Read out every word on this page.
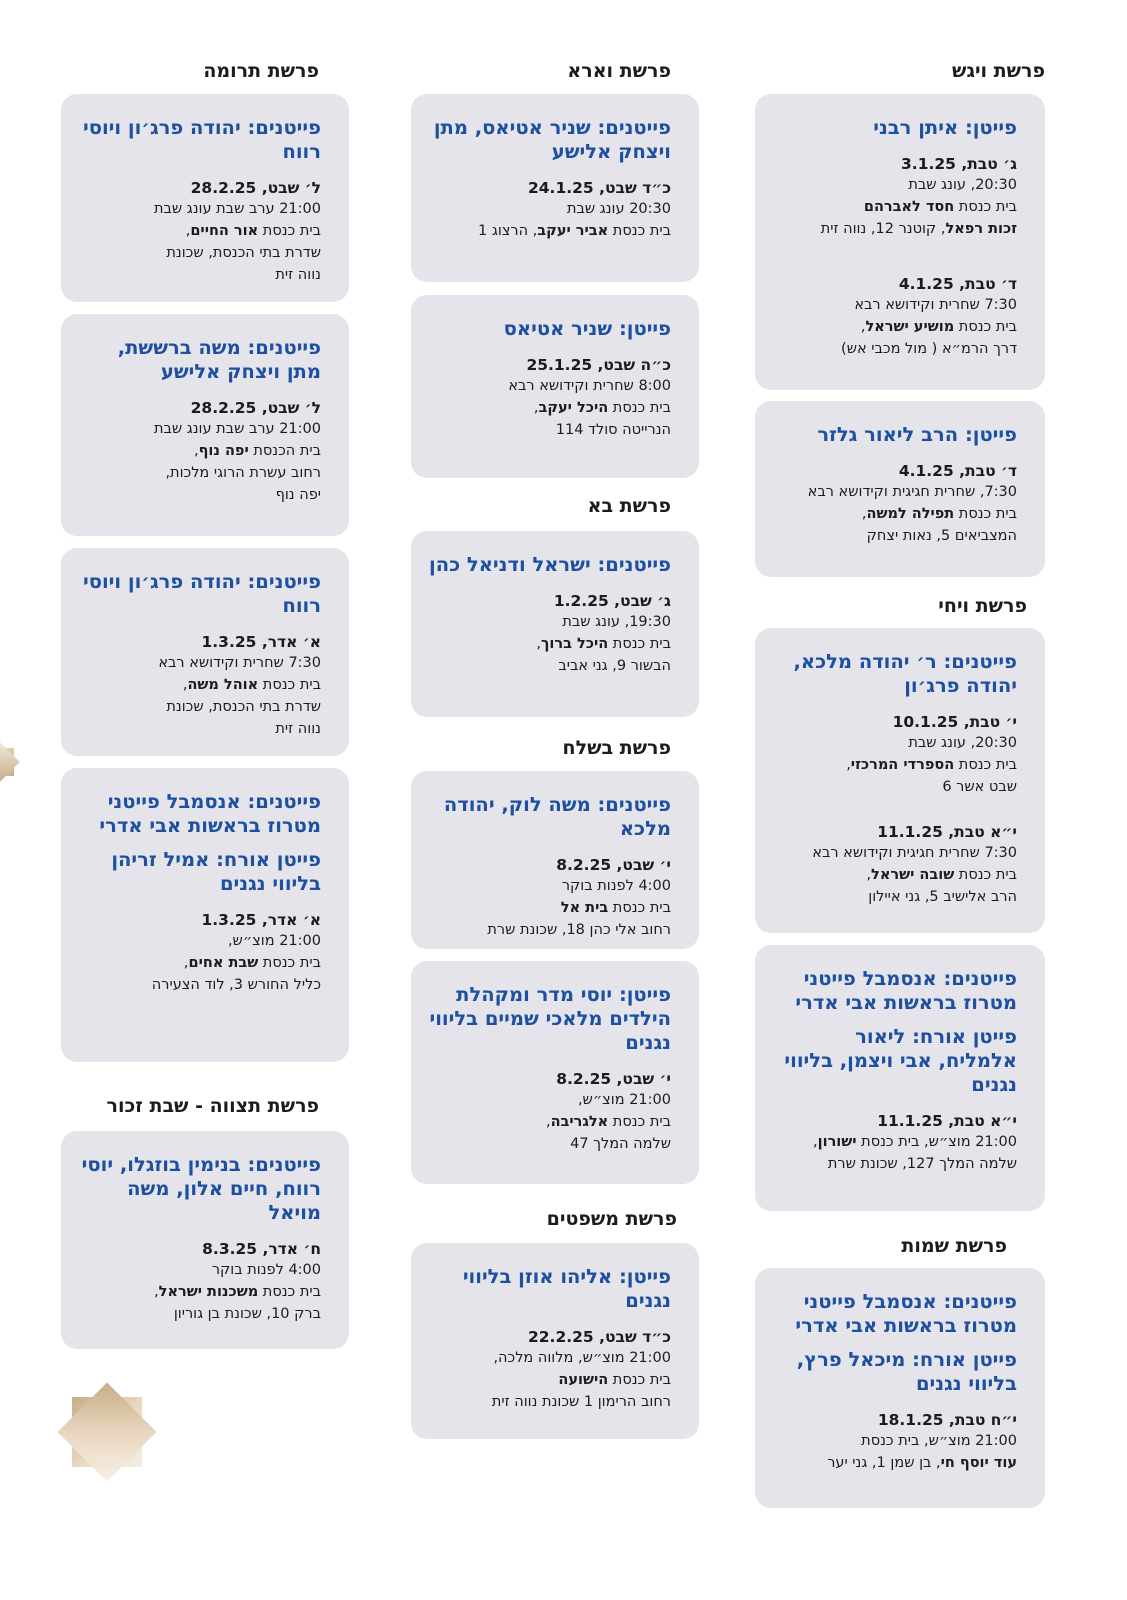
פרשת ויגש
פייטן: איתן רבני
ג׳ טבת, 3.1.25
20:30, עונג שבת
בית כנסת חסד לאברהם
זכות רפאל, קוטנר 12, נווה זית
ד׳ טבת, 4.1.25
7:30 שחרית וקידושא רבא
בית כנסת מושיע ישראל,
דרך הרמ״א ( מול מכבי אש)
פייטן: הרב ליאור גלזר
ד׳ טבת, 4.1.25
7:30, שחרית חגיגית וקידושא רבא
בית כנסת תפילה למשה,
המצביאים 5, נאות יצחק
פרשת ויחי
פייטנים: ר׳ יהודה מלכא, יהודה פרג׳ון
י׳ טבת, 10.1.25
20:30, עונג שבת
בית כנסת הספרדי המרכזי,
שבט אשר 6
י״א טבת, 11.1.25
7:30 שחרית חגיגית וקידושא רבא
בית כנסת שובה ישראל,
הרב אלישיב 5, גני איילון
פייטנים: אנסמבל פייטני מטרוז בראשות אבי אדרי
פייטן אורח: ליאור אלמליח, אבי ויצמן, בליווי נגנים
י״א טבת, 11.1.25
21:00 מוצ״ש, בית כנסת ישורון,
שלמה המלך 127, שכונת שרת
פרשת שמות
פייטנים: אנסמבל פייטני מטרוז בראשות אבי אדרי
פייטן אורח: מיכאל פרץ, בליווי נגנים
י״ח טבת, 18.1.25
21:00 מוצ״ש, בית כנסת
עוד יוסף חי, בן שמן 1, גני יער
פרשת וארא
פייטנים: שניר אטיאס, מתן ויצחק אלישע
כ״ד שבט, 24.1.25
20:30 עונג שבת
בית כנסת אביר יעקב, הרצוג 1
פייטן: שניר אטיאס
כ״ה שבט, 25.1.25
8:00 שחרית וקידושא רבא
בית כנסת היכל יעקב,
הנרייטה סולד 114
פרשת בא
פייטנים: ישראל ודניאל כהן
ג׳ שבט, 1.2.25
19:30, עונג שבת
בית כנסת היכל ברוך,
הבשור 9, גני אביב
פרשת בשלח
פייטנים: משה לוק, יהודה מלכא
י׳ שבט, 8.2.25
4:00 לפנות בוקר
בית כנסת בית אל
רחוב אלי כהן 18, שכונת שרת
פייטן: יוסי מדר ומקהלת הילדים מלאכי שמיים בליווי נגנים
י׳ שבט, 8.2.25
21:00 מוצ״ש,
בית כנסת אלגריבה,
שלמה המלך 47
פרשת משפטים
פייטן: אליהו אוזן בליווי נגנים
כ״ד שבט, 22.2.25
21:00 מוצ״ש, מלווה מלכה,
בית כנסת הישועה
רחוב הרימון 1 שכונת נווה זית
פרשת תרומה
פייטנים: יהודה פרג׳ון ויוסי רווח
ל׳ שבט, 28.2.25
21:00 ערב שבת עונג שבת
בית כנסת אור החיים,
שדרת בתי הכנסת, שכונת
נווה זית
פייטנים: משה ברששת, מתן ויצחק אלישע
ל׳ שבט, 28.2.25
21:00 ערב שבת עונג שבת
בית הכנסת יפה נוף,
רחוב עשרת הרוגי מלכות,
יפה נוף
פייטנים: יהודה פרג׳ון ויוסי רווח
א׳ אדר, 1.3.25
7:30 שחרית וקידושא רבא
בית כנסת אוהל משה,
שדרת בתי הכנסת, שכונת
נווה זית
פייטנים: אנסמבל פייטני מטרוז בראשות אבי אדרי
פייטן אורח: אמיל זריהן בליווי נגנים
א׳ אדר, 1.3.25
21:00 מוצ״ש,
בית כנסת שבת אחים,
כליל החורש 3, לוד הצעירה
פרשת תצווה - שבת זכור
פייטנים: בנימין בוזגלו, יוסי רווח, חיים אלון, משה מויאל
ח׳ אדר, 8.3.25
4:00 לפנות בוקר
בית כנסת משכנות ישראל,
ברק 10, שכונת בן גוריון
